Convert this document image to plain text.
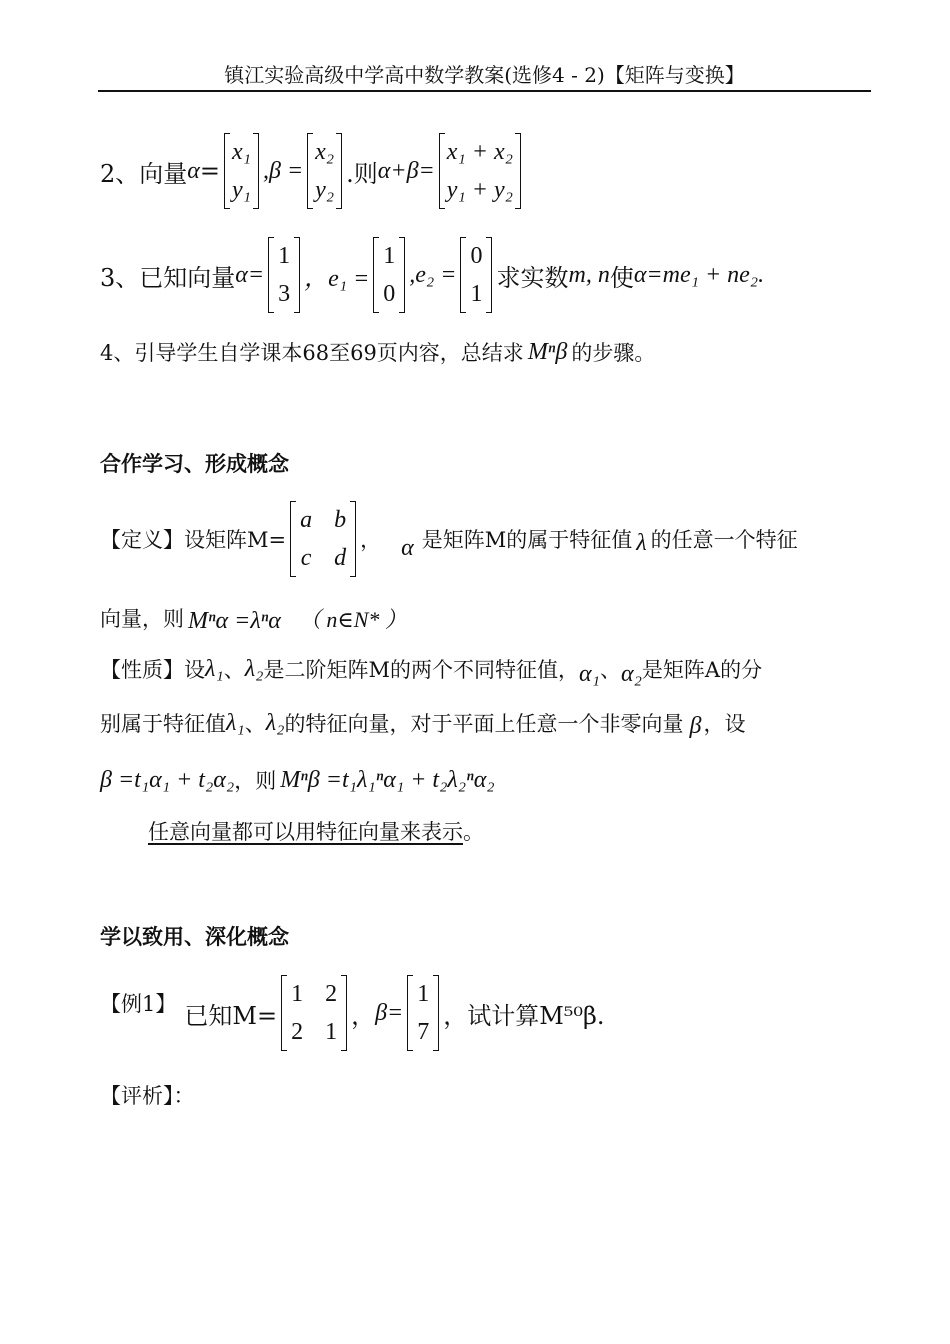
镇江实验高级中学高中数学教案(选修4 - 2)【矩阵与变换】
2、向量 α =
x₁
y₁
,β =
x₂
y₂
.则 α+β=
x₁ + x₂
y₁ + y₂
3、已知向量 α=
1
3
，e₁ =
1
0
,e₂ =
0
1
求实数 m, n 使 α=me₁ + ne₂.
4、引导学生自学课本68至69页内容，总结求 Mⁿβ 的步骤。
合作学习、形成概念
【定义】设矩阵M=
a b
c d
， α 是矩阵M的属于特征值 λ 的任意一个特征
向量，则 Mⁿα =λⁿα （ n∈N* ）
【性质】设 λ₁ 、 λ₂ 是二阶矩阵M的两个不同特征值， α₁ 、 α₂ 是矩阵A的分
别属于特征值 λ₁ 、 λ₂ 的特征向量，对于平面上任意一个非零向量 β ，设
β =t₁α₁ + t₂α₂ ，则 Mⁿβ =t₁λ₁ⁿα₁ + t₂λ₂ⁿα₂
任意向量都可以用特征向量来表示。
学以致用、深化概念
【例1】 已知M=
1 2
2 1
， β=
1
7
，试计算M⁵⁰β.
【评析】：
